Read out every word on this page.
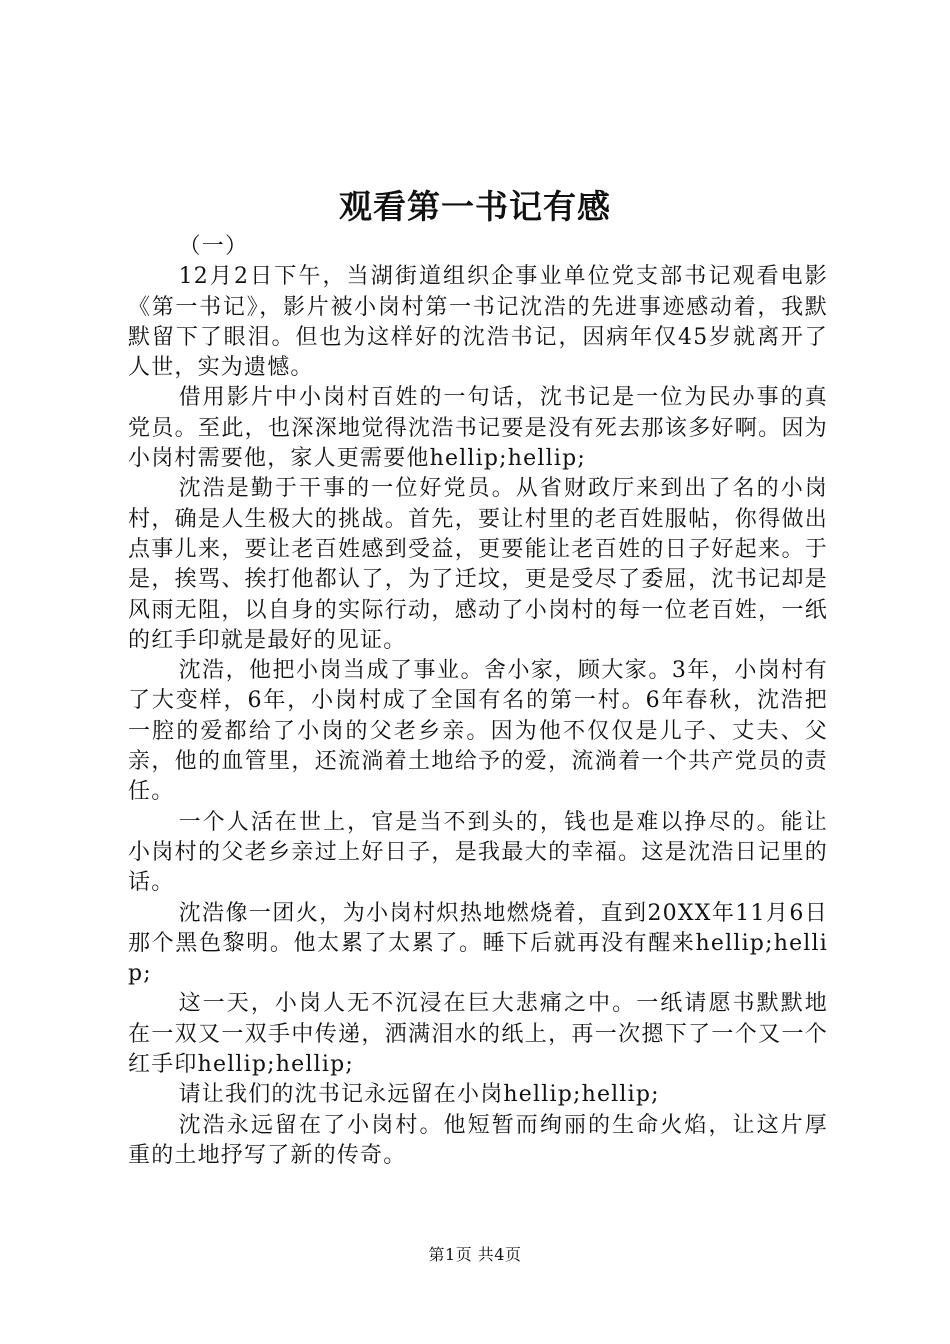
观看第一书记有感

（一）

12月2日下午，当湖街道组织企事业单位党支部书记观看电影《第一书记》，影片被小岗村第一书记沈浩的先进事迹感动着，我默默留下了眼泪。但也为这样好的沈浩书记，因病年仅45岁就离开了人世，实为遗憾。

借用影片中小岗村百姓的一句话，沈书记是一位为民办事的真党员。至此，也深深地觉得沈浩书记要是没有死去那该多好啊。因为小岗村需要他，家人更需要他hellip;hellip;

沈浩是勤于干事的一位好党员。从省财政厅来到出了名的小岗村，确是人生极大的挑战。首先，要让村里的老百姓服帖，你得做出点事儿来，要让老百姓感到受益，更要能让老百姓的日子好起来。于是，挨骂、挨打他都认了，为了迁坟，更是受尽了委屈，沈书记却是风雨无阻，以自身的实际行动，感动了小岗村的每一位老百姓，一纸的红手印就是最好的见证。

沈浩，他把小岗当成了事业。舍小家，顾大家。3年，小岗村有了大变样，6年，小岗村成了全国有名的第一村。6年春秋，沈浩把一腔的爱都给了小岗的父老乡亲。因为他不仅仅是儿子、丈夫、父亲，他的血管里，还流淌着土地给予的爱，流淌着一个共产党员的责任。

一个人活在世上，官是当不到头的，钱也是难以挣尽的。能让小岗村的父老乡亲过上好日子，是我最大的幸福。这是沈浩日记里的话。

沈浩像一团火，为小岗村炽热地燃烧着，直到20XX年11月6日那个黑色黎明。他太累了太累了。睡下后就再没有醒来hellip;hellip;

这一天，小岗人无不沉浸在巨大悲痛之中。一纸请愿书默默地在一双又一双手中传递，洒满泪水的纸上，再一次摁下了一个又一个红手印hellip;hellip;

请让我们的沈书记永远留在小岗hellip;hellip;

沈浩永远留在了小岗村。他短暂而绚丽的生命火焰，让这片厚重的土地抒写了新的传奇。

第1页 共4页
